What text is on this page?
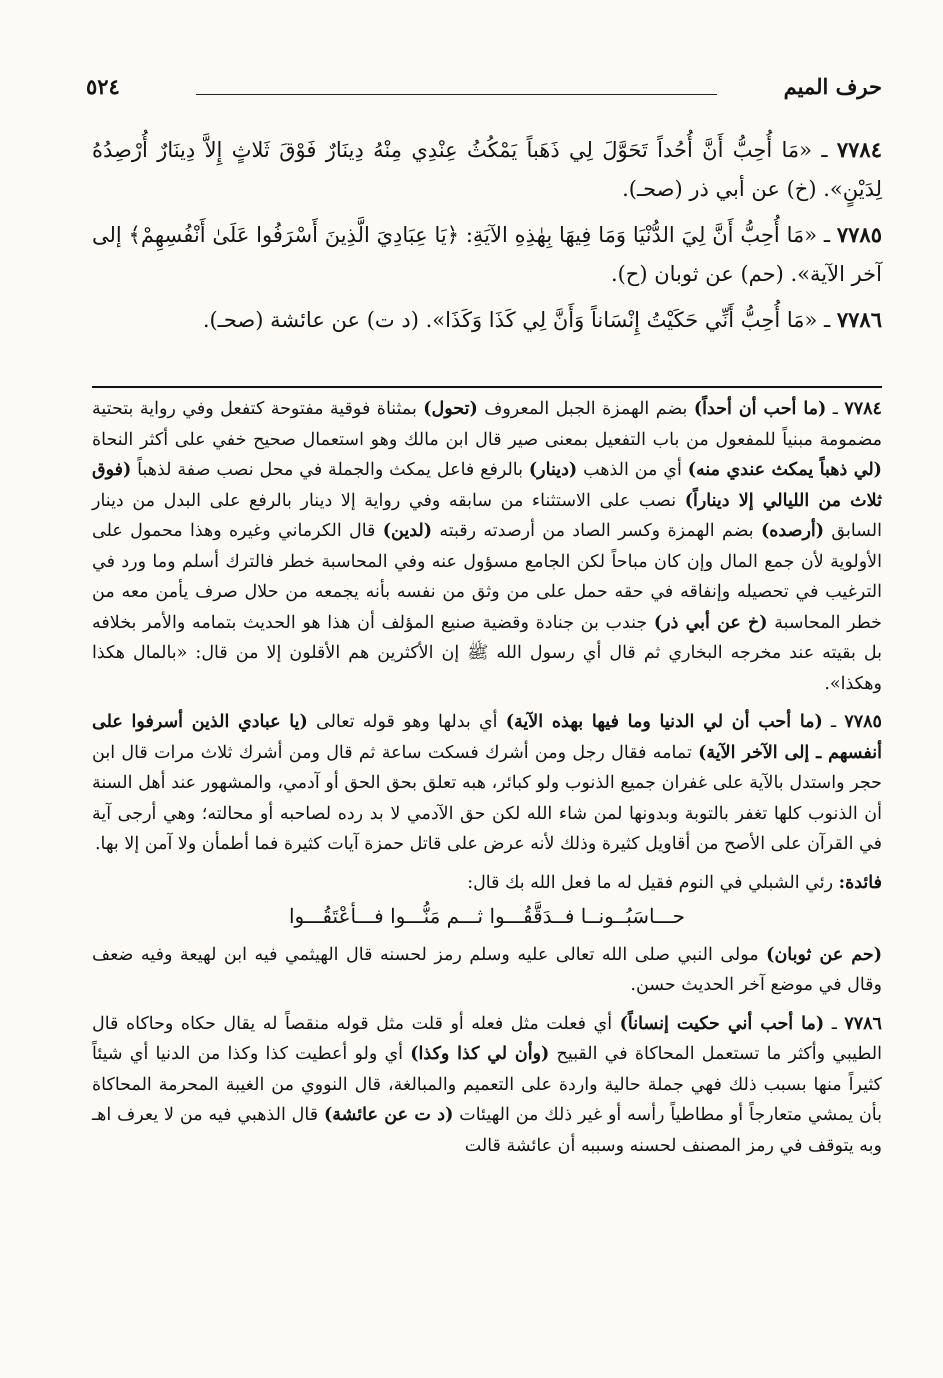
حرف الميم
٥٢٤

٧٧٨٤ ـ «مَا أُحِبُّ أَنَّ أُحُداً تَحَوَّلَ لِي ذَهَباً يَمْكُثُ عِنْدِي مِنْهُ دِينَارٌ فَوْقَ ثَلاثٍ إِلاَّ دِينَارٌ أُرْصِدُهُ لِدَيْنٍ». (خ) عن أبي ذر (صحـ).

٧٧٨٥ ـ «مَا أُحِبُّ أَنَّ لِيَ الدُّنْيَا وَمَا فِيهَا بِهٰذِهِ الآيَةِ: ﴿يَا عِبَادِيَ الَّذِينَ أَسْرَفُوا عَلَىٰ أَنْفُسِهِمْ﴾ إلى آخر الآية». (حم) عن ثوبان (ح).

٧٧٨٦ ـ «مَا أُحِبُّ أَنِّي حَكَيْتُ إِنْسَاناً وَأَنَّ لِي كَذَا وَكَذَا». (د ت) عن عائشة (صحـ).

٧٧٨٤ ـ (ما أحب أن أحداً) بضم الهمزة الجبل المعروف (تحول) بمثناة فوقية مفتوحة كتفعل وفي رواية بتحتية مضمومة مبنياً للمفعول من باب التفعيل بمعنى صير قال ابن مالك وهو استعمال صحيح خفي على أكثر النحاة (لي ذهباً يمكث عندي منه) أي من الذهب (دينار) بالرفع فاعل يمكث والجملة في محل نصب صفة لذهباً (فوق ثلاث من الليالي إلا ديناراً) نصب على الاستثناء من سابقه وفي رواية إلا دينار بالرفع على البدل من دينار السابق (أرصده) بضم الهمزة وكسر الصاد من أرصدته رقبته (لدين) قال الكرماني وغيره وهذا محمول على الأولوية لأن جمع المال وإن كان مباحاً لكن الجامع مسؤول عنه وفي المحاسبة خطر فالترك أسلم وما ورد في الترغيب في تحصيله وإنفاقه في حقه حمل على من وثق من نفسه بأنه يجمعه من حلال صرف يأمن معه من خطر المحاسبة (خ عن أبي ذر) جندب بن جنادة وقضية صنيع المؤلف أن هذا هو الحديث بتمامه والأمر بخلافه بل بقيته عند مخرجه البخاري ثم قال أي رسول الله ﷺ إن الأكثرين هم الأقلون إلا من قال: «بالمال هكذا وهكذا».

٧٧٨٥ ـ (ما أحب أن لي الدنيا وما فيها بهذه الآية) أي بدلها وهو قوله تعالى (يا عبادي الذين أسرفوا على أنفسهم ـ إلى الآخر الآية) تمامه فقال رجل ومن أشرك فسكت ساعة ثم قال ومن أشرك ثلاث مرات قال ابن حجر واستدل بالآية على غفران جميع الذنوب ولو كبائر، هبه تعلق بحق الحق أو آدمي، والمشهور عند أهل السنة أن الذنوب كلها تغفر بالتوبة وبدونها لمن شاء الله لكن حق الآدمي لا بد رده لصاحبه أو محالته؛ وهي أرجى آية في القرآن على الأصح من أقاويل كثيرة وذلك لأنه عرض على قاتل حمزة آيات كثيرة فما أطمأن ولا آمن إلا بها.

فائدة: رئي الشبلي في النوم فقيل له ما فعل الله بك قال:

حـــاسَبُــونــا فــدَقَّقُـــوا ثـــم مَنُّـــوا فـــأعْتَقُـــوا

(حم عن ثوبان) مولى النبي صلى الله تعالى عليه وسلم رمز لحسنه قال الهيثمي فيه ابن لهيعة وفيه ضعف وقال في موضع آخر الحديث حسن.

٧٧٨٦ ـ (ما أحب أني حكيت إنساناً) أي فعلت مثل فعله أو قلت مثل قوله منقصاً له يقال حكاه وحاكاه قال الطيبي وأكثر ما تستعمل المحاكاة في القبيح (وأن لي كذا وكذا) أي ولو أعطيت كذا وكذا من الدنيا أي شيئاً كثيراً منها بسبب ذلك فهي جملة حالية واردة على التعميم والمبالغة، قال النووي من الغيبة المحرمة المحاكاة بأن يمشي متعارجاً أو مطاطياً رأسه أو غير ذلك من الهيئات (د ت عن عائشة) قال الذهبي فيه من لا يعرف اهـ وبه يتوقف في رمز المصنف لحسنه وسببه أن عائشة قالت
